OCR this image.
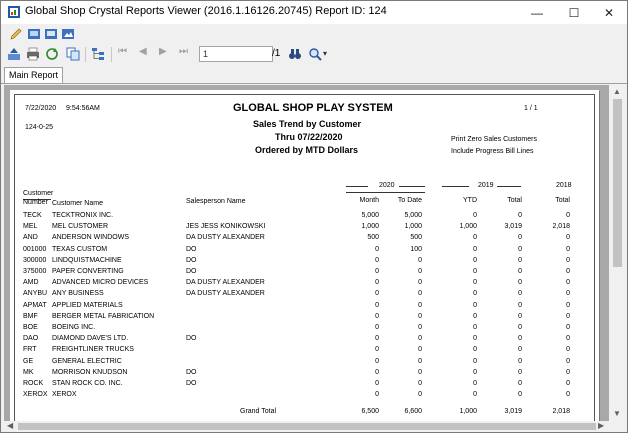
Global Shop Crystal Reports Viewer (2016.1.16126.20745) Report ID: 124	—	☐	✕
⏮ ◀ ▶ ⏭	1	/1	▾
Main Report
7/22/2020 9:54:56AM
124-0-25
GLOBAL SHOP PLAY SYSTEM	1 / 1
Sales Trend by Customer
Thru 07/22/2020
Ordered by MTD Dollars
Print Zero Sales Customers
Include Progress Bill Lines
Customer
Number Customer Name	Salesperson Name
2020	2019	2018
Month	To Date	YTD	Total	Total
TECK TECKTRONIX INC.	5,000	5,000	0	0	0
MEL MEL CUSTOMER	JES JESS KONIKOWSKI	1,000	1,000	1,000	3,019	2,018
AND ANDERSON WINDOWS	DA DUSTY ALEXANDER	500	500	0	0	0
001000 TEXAS CUSTOM	DO	0	100	0	0	0
300000 LINDQUISTMACHINE	DO	0	0	0	0	0
375000 PAPER CONVERTING	DO	0	0	0	0	0
AMD ADVANCED MICRO DEVICES	DA DUSTY ALEXANDER	0	0	0	0	0
ANYBU ANY BUSINESS	DA DUSTY ALEXANDER	0	0	0	0	0
APMAT APPLIED MATERIALS	0	0	0	0	0
BMF BERGER METAL FABRICATION	0	0	0	0	0
BOE BOEING INC.	0	0	0	0	0
DAO DIAMOND DAVE'S LTD.	DO	0	0	0	0	0
FRT FREIGHTLINER TRUCKS	0	0	0	0	0
GE	GENERAL ELECTRIC	0	0	0	0	0
MK	MORRISON KNUDSON	DO	0	0	0	0	0
ROCK STAN ROCK CO. INC.	DO	0	0	0	0	0
XEROX XEROX	0	0	0	0	0
Grand Total	6,500	6,600	1,000	3,019	2,018
▲
▼
◀	▶
